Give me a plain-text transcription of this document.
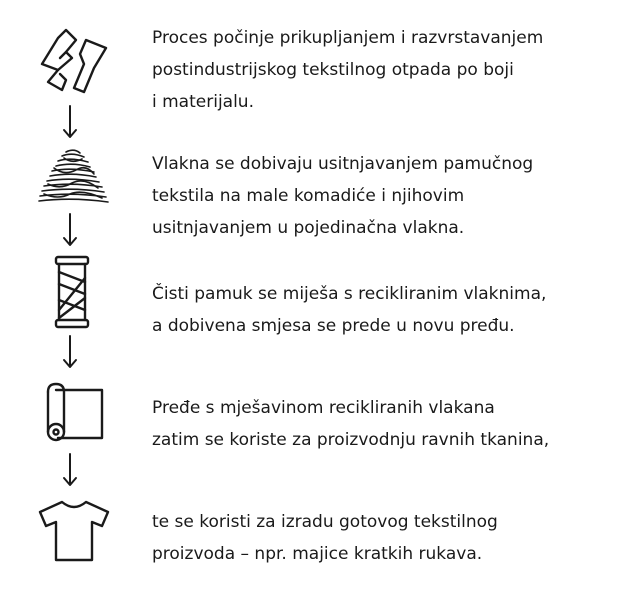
Proces počinje prikupljanjem i razvrstavanjem
postindustrijskog tekstilnog otpada po boji
i materijalu.

Vlakna se dobivaju usitnjavanjem pamučnog
tekstila na male komadiće i njihovim
usitnjavanjem u pojedinačna vlakna.

Čisti pamuk se miješa s recikliranim vlaknima,
a dobivena smjesa se prede u novu pređu.

Pređe s mješavinom recikliranih vlakana
zatim se koriste za proizvodnju ravnih tkanina,

te se koristi za izradu gotovog tekstilnog
proizvoda – npr. majice kratkih rukava.
